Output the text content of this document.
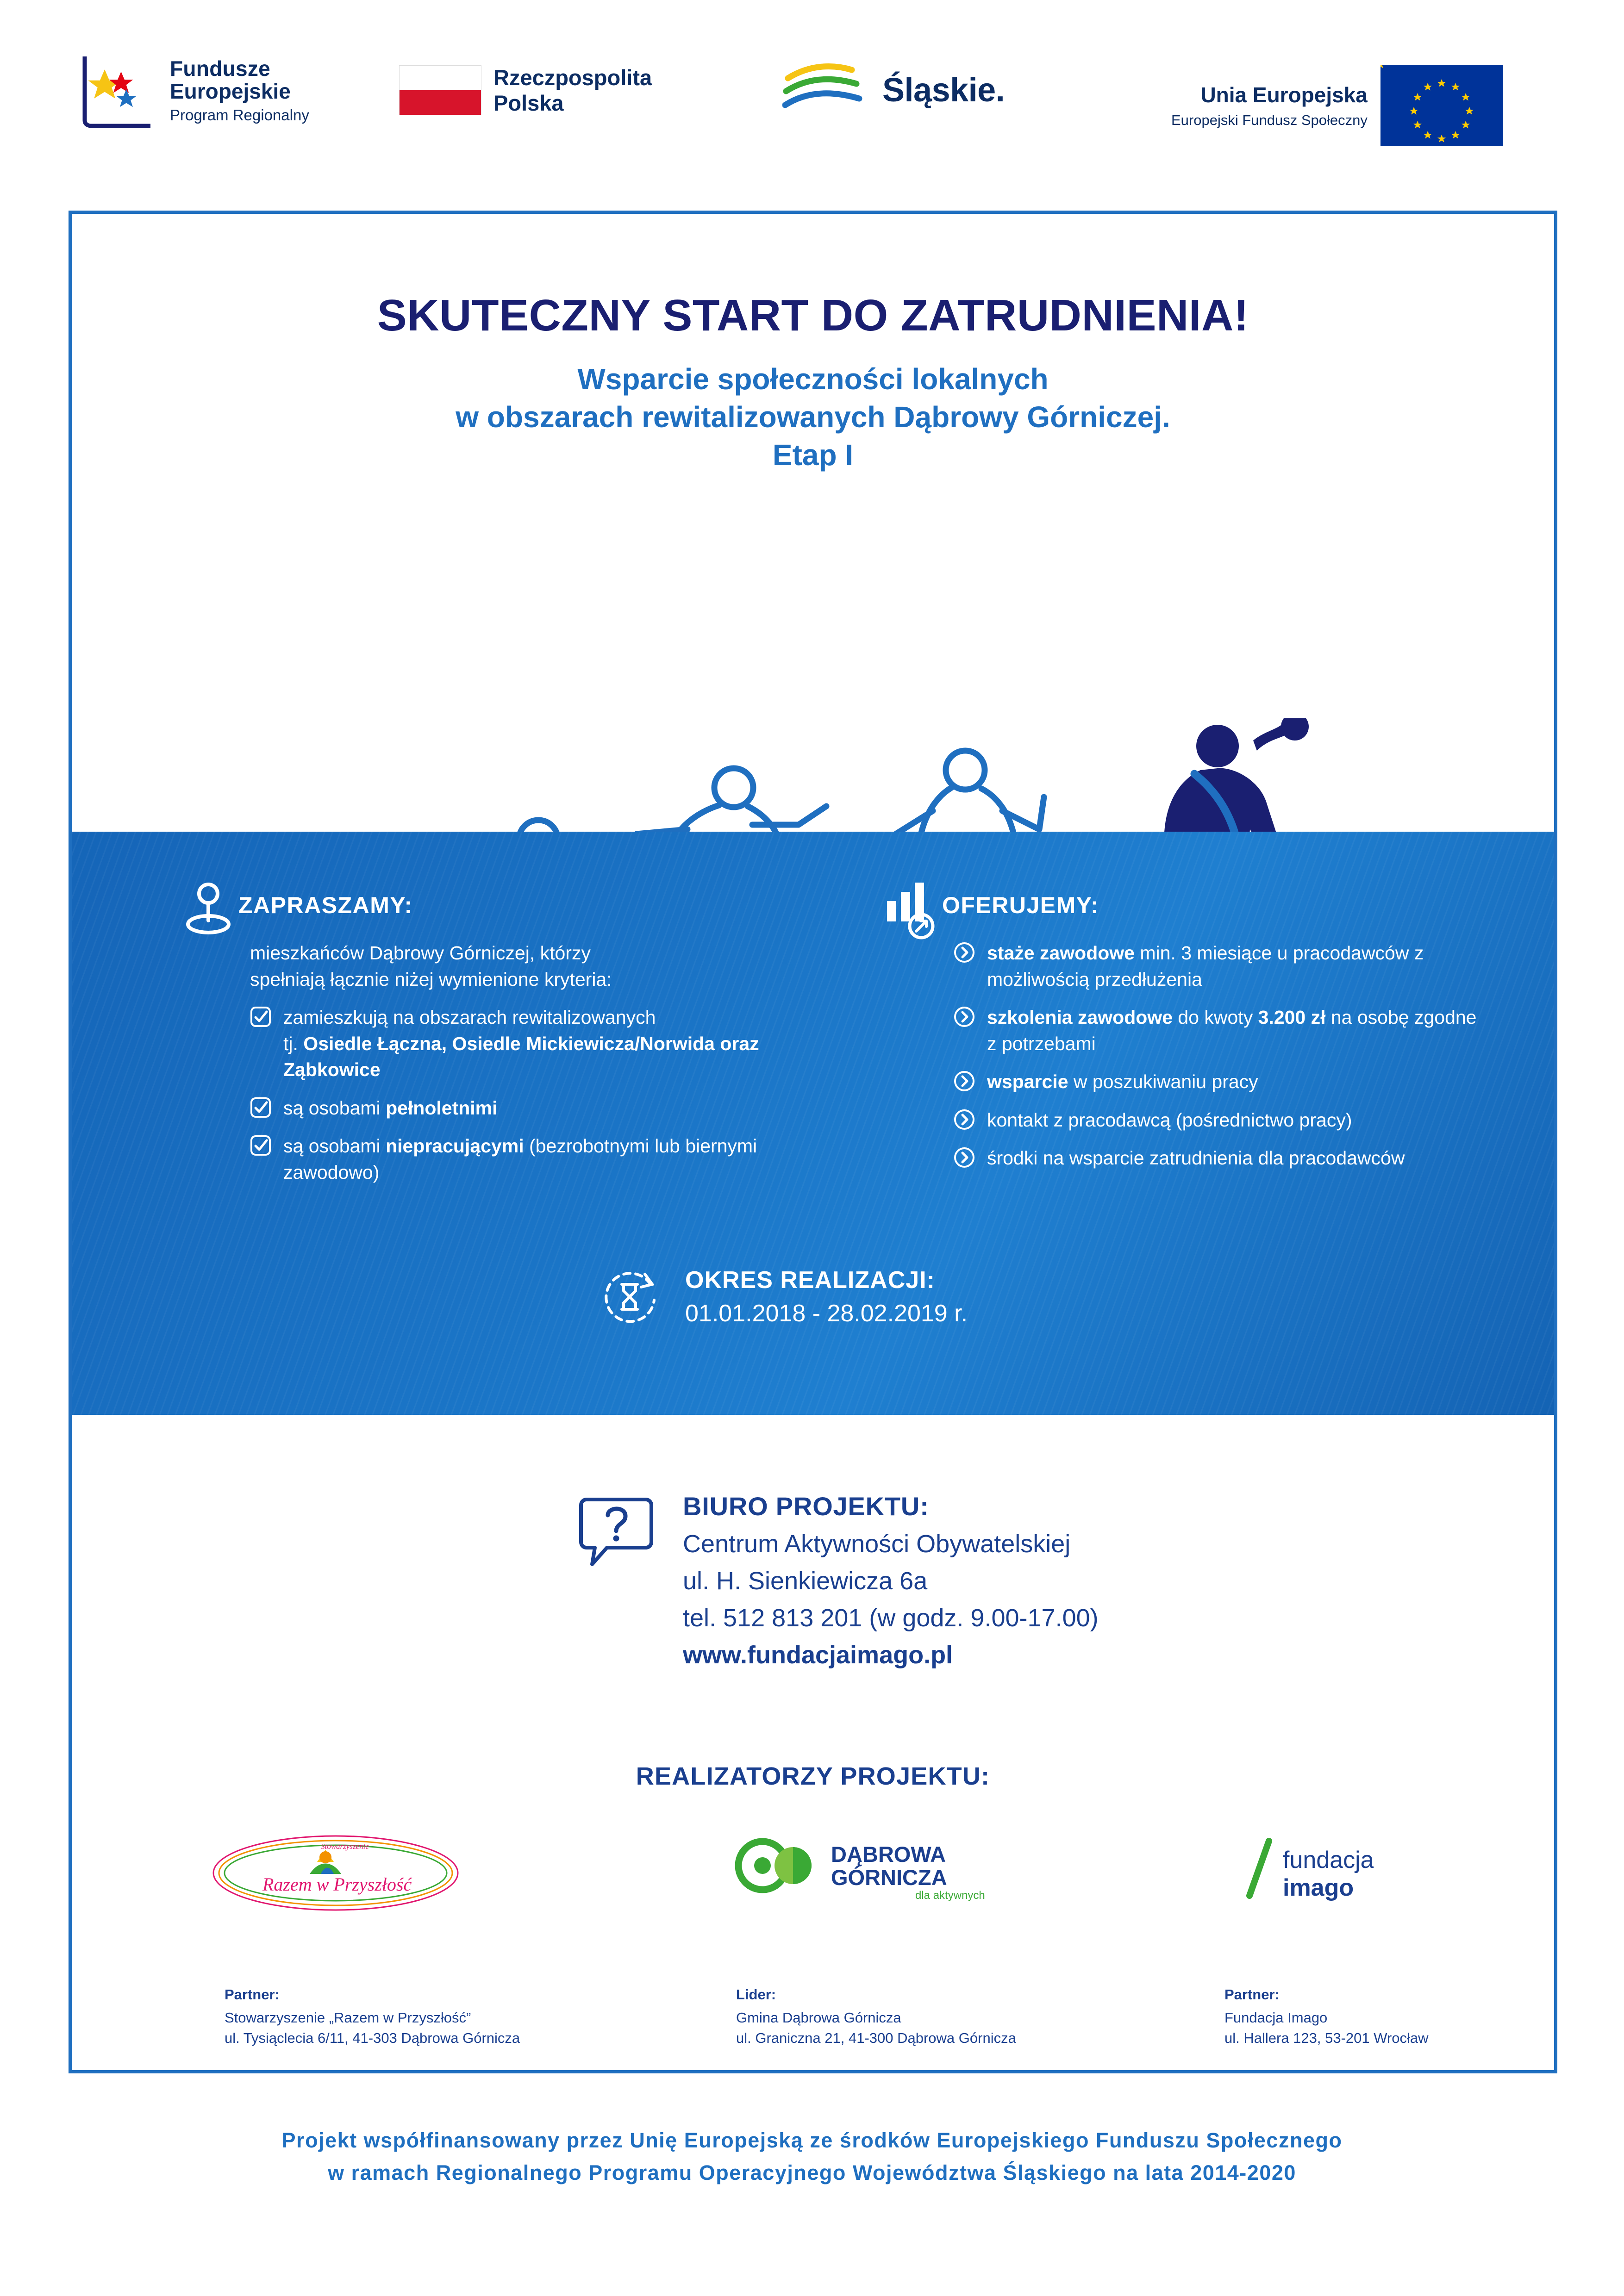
Fundusze
Europejskie
Program Regionalny
Rzeczpospolita
Polska	Śląskie.	Unia Europejska
Europejski Fundusz Społeczny
SKUTECZNY START DO ZATRUDNIENIA!
Wsparcie społeczności lokalnych
w obszarach rewitalizowanych Dąbrowy Górniczej.
Etap I
ZAPRASZAMY:
mieszkańców Dąbrowy Górniczej, którzy
spełniają łącznie niżej wymienione kryteria:
zamieszkują na obszarach rewitalizowanych
tj. Osiedle Łączna, Osiedle Mickiewicza/Norwida oraz Ząbkowice
są osobami pełnoletnimi
są osobami niepracującymi (bezrobotnymi lub biernymi zawodowo)
OFERUJEMY:
staże zawodowe min. 3 miesiące u pracodawców z możliwością przedłużenia
szkolenia zawodowe do kwoty 3.200 zł na osobę zgodne z potrzebami
wsparcie w poszukiwaniu pracy
kontakt z pracodawcą (pośrednictwo pracy)
środki na wsparcie zatrudnienia dla pracodawców
OKRES REALIZACJI:
01.01.2018 - 28.02.2019 r.
BIURO PROJEKTU:
Centrum Aktywności Obywatelskiej
ul. H. Sienkiewicza 6a
tel. 512 813 201 (w godz. 9.00-17.00)
www.fundacjaimago.pl
REALIZATORZY PROJEKTU:
Stowarzyszenie
Razem w Przyszłość
DĄBROWA
GÓRNICZA
dla aktywnych
fundacja
imago
Partner:
Stowarzyszenie „Razem w Przyszłość”
ul. Tysiąclecia 6/11, 41-303 Dąbrowa Górnicza
Lider:
Gmina Dąbrowa Górnicza
ul. Graniczna 21, 41-300 Dąbrowa Górnicza
Partner:
Fundacja Imago
ul. Hallera 123, 53-201 Wrocław
Projekt współfinansowany przez Unię Europejską ze środków Europejskiego Funduszu Społecznego
w ramach Regionalnego Programu Operacyjnego Województwa Śląskiego na lata 2014-2020
